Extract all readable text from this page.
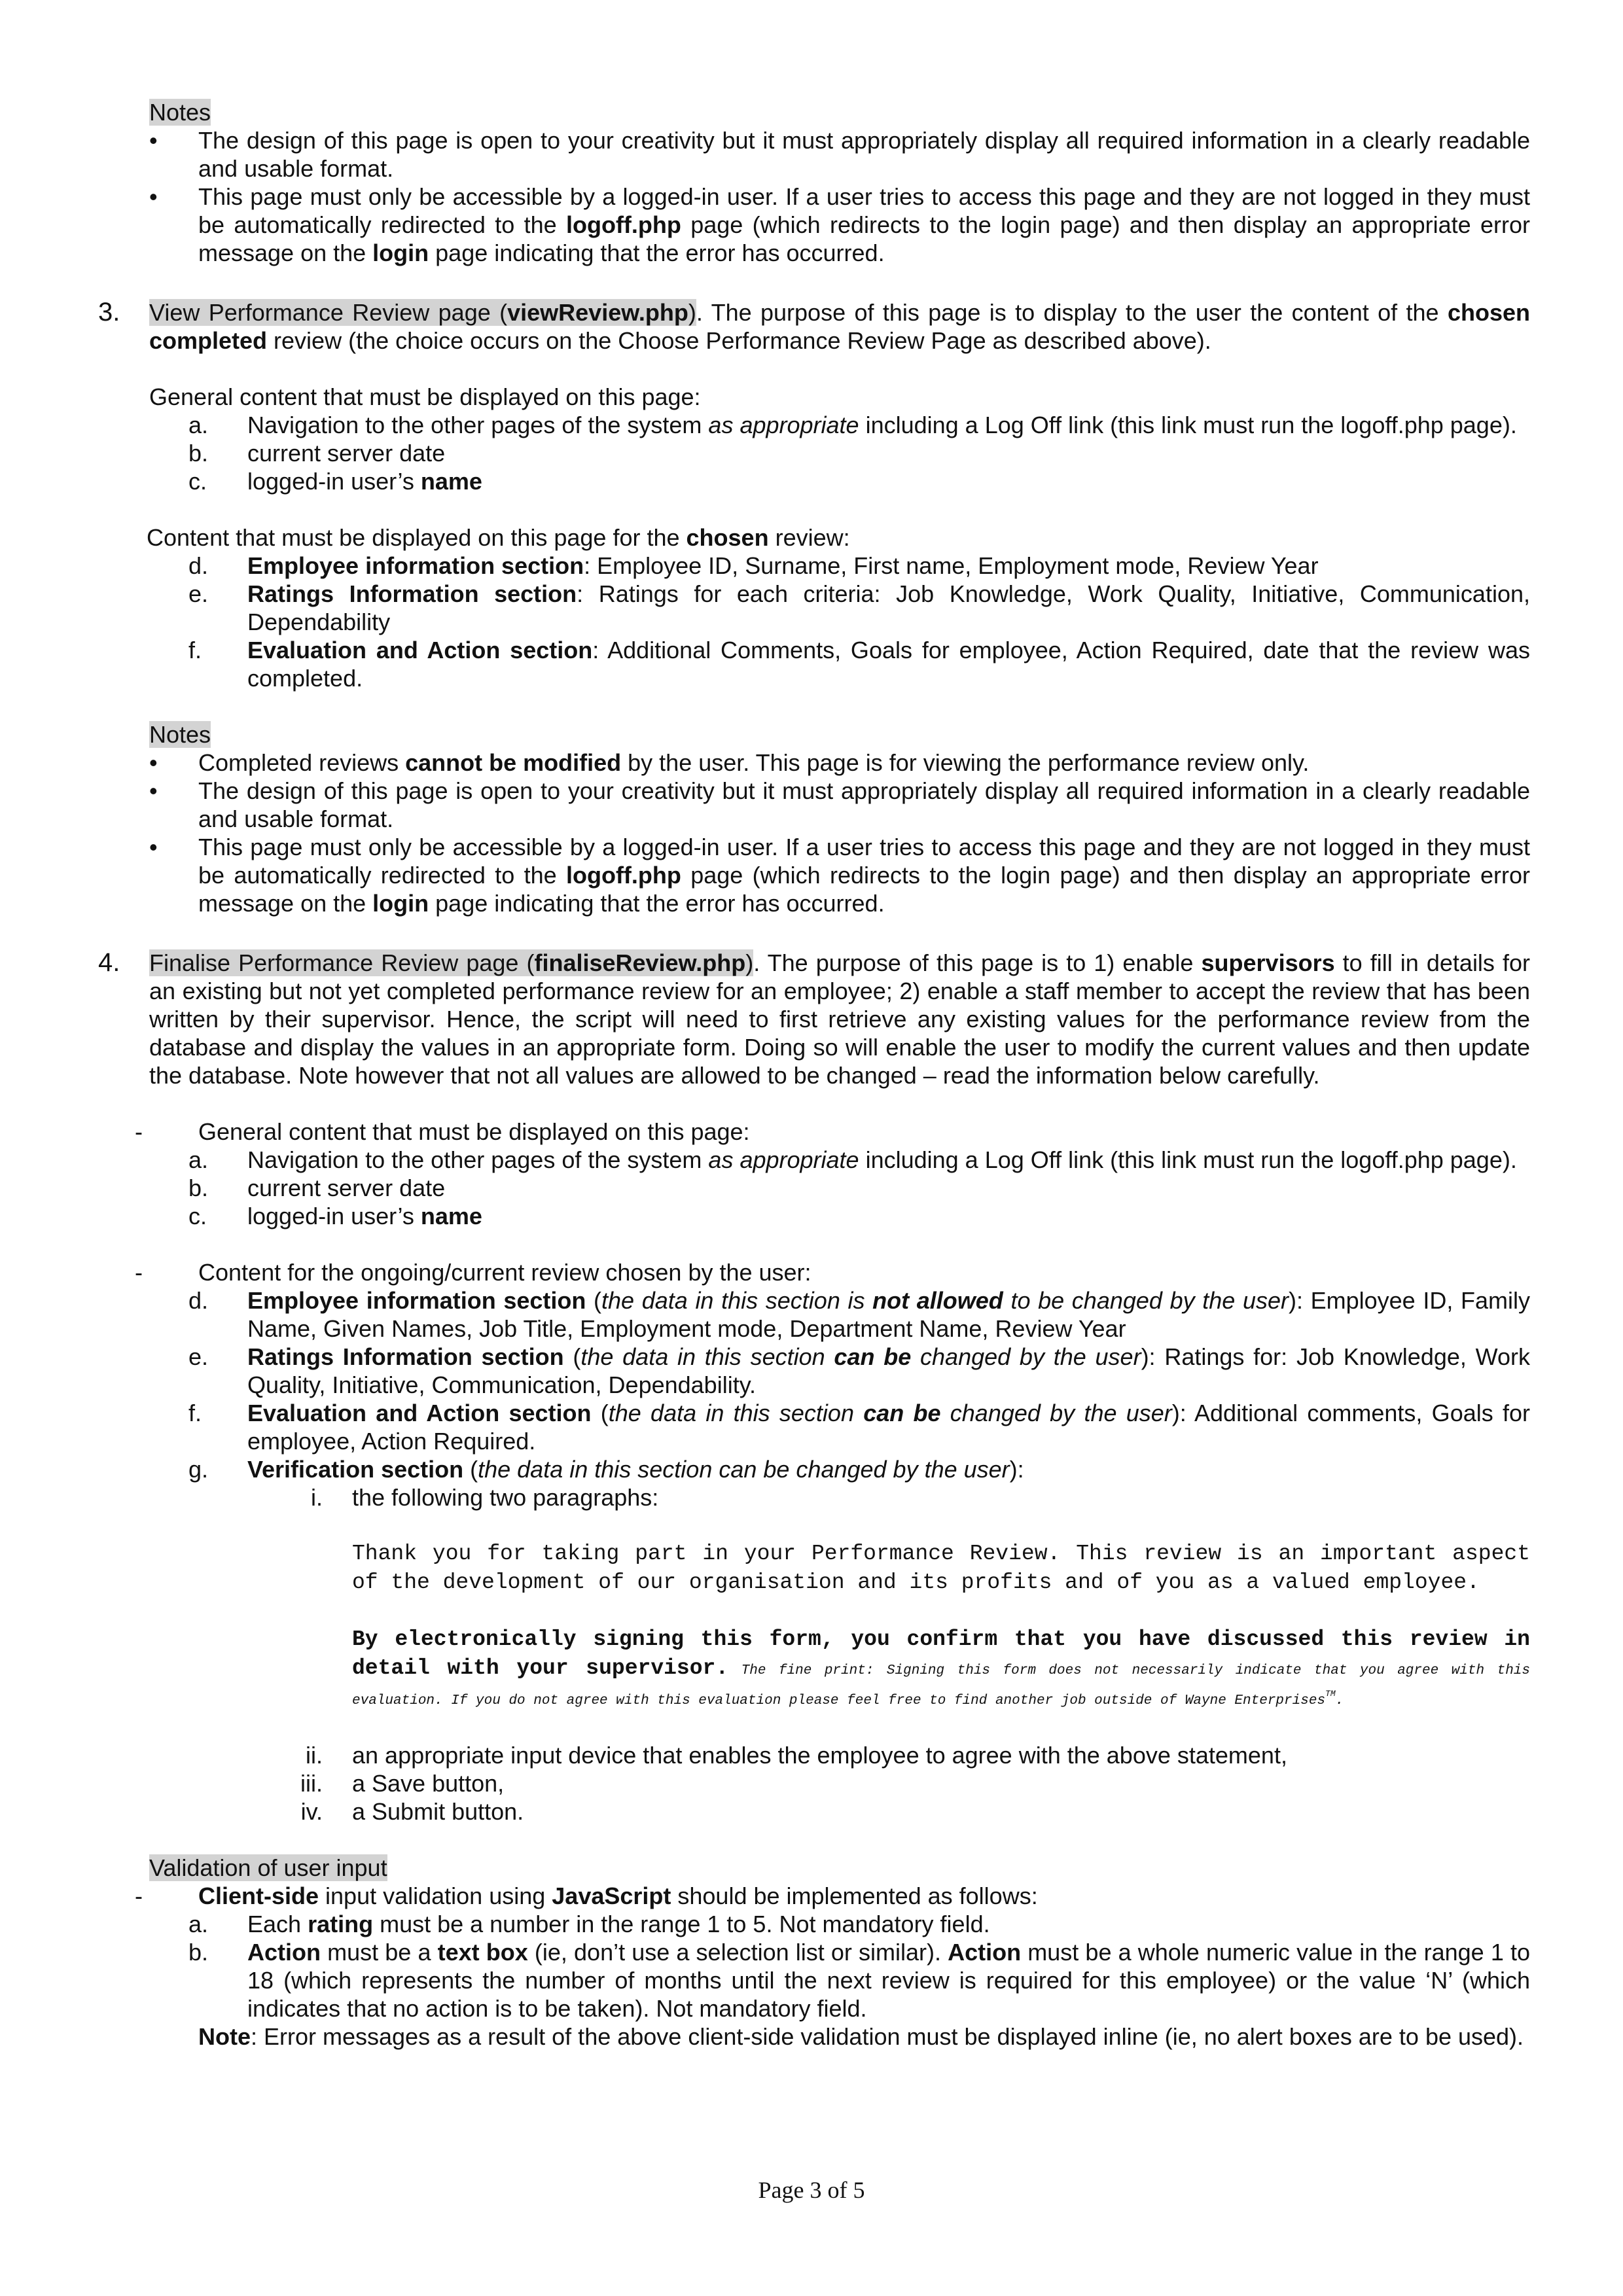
Notes

• The design of this page is open to your creativity but it must appropriately display all required information in a clearly readable and usable format.
• This page must only be accessible by a logged-in user. If a user tries to access this page and they are not logged in they must be automatically redirected to the logoff.php page (which redirects to the login page) and then display an appropriate error message on the login page indicating that the error has occurred.
3. View Performance Review page (viewReview.php). The purpose of this page is to display to the user the content of the chosen completed review (the choice occurs on the Choose Performance Review Page as described above).

General content that must be displayed on this page:

a. Navigation to the other pages of the system as appropriate including a Log Off link (this link must run the logoff.php page).
b. current server date
c.	logged-in user’s name

Content that must be displayed on this page for the chosen review:

d. Employee information section: Employee ID, Surname, First name, Employment mode, Review Year
e. Ratings Information section: Ratings for each criteria: Job Knowledge, Work Quality, Initiative, Communication, Dependability
f.	Evaluation and Action section: Additional Comments, Goals for employee, Action Required, date that the review was completed.

Notes

• Completed reviews cannot be modified by the user. This page is for viewing the performance review only.
• The design of this page is open to your creativity but it must appropriately display all required information in a clearly readable and usable format.
• This page must only be accessible by a logged-in user. If a user tries to access this page and they are not logged in they must be automatically redirected to the logoff.php page (which redirects to the login page) and then display an appropriate error message on the login page indicating that the error has occurred.
4. Finalise Performance Review page (finaliseReview.php). The purpose of this page is to 1) enable supervisors to fill in details for an existing but not yet completed performance review for an employee; 2) enable a staff member to accept the review that has been written by their supervisor. Hence, the script will need to first retrieve any existing values for the performance review from the database and display the values in an appropriate form. Doing so will enable the user to modify the current values and then update the database. Note however that not all values are allowed to be changed – read the information below carefully.
- General content that must be displayed on this page:
a. Navigation to the other pages of the system as appropriate including a Log Off link (this link must run the logoff.php page).
b. current server date
c.	logged-in user’s name
- Content for the ongoing/current review chosen by the user:
d. Employee information section (the data in this section is not allowed to be changed by the user): Employee ID, Family Name, Given Names, Job Title, Employment mode, Department Name, Review Year
e. Ratings Information section (the data in this section can be changed by the user): Ratings for: Job Knowledge, Work Quality, Initiative, Communication, Dependability.
f.	Evaluation and Action section (the data in this section can be changed by the user): Additional comments, Goals for employee, Action Required.
g. Verification section (the data in this section can be changed by the user):
i. the following two paragraphs:
Thank you for taking part in your Performance Review. This review is an important aspect of the development of our organisation and its profits and of you as a valued employee.
By electronically signing this form, you confirm that you have discussed this review in detail with your supervisor. The fine print: Signing this form does not necessarily indicate that you agree with this evaluation. If you do not agree with this evaluation please feel free to find another job outside of Wayne Enterprises™.
ii. an appropriate input device that enables the employee to agree with the above statement,
iii. a Save button,
iv. a Submit button.

Validation of user input

- Client-side input validation using JavaScript should be implemented as follows:
a. Each rating must be a number in the range 1 to 5. Not mandatory field.
b. Action must be a text box (ie, don’t use a selection list or similar). Action must be a whole numeric value in the range 1 to 18 (which represents the number of months until the next review is required for this employee) or the value ‘N’ (which indicates that no action is to be taken). Not mandatory field.
Note: Error messages as a result of the above client-side validation must be displayed inline (ie, no alert boxes are to be used).
Page 3 of 5
